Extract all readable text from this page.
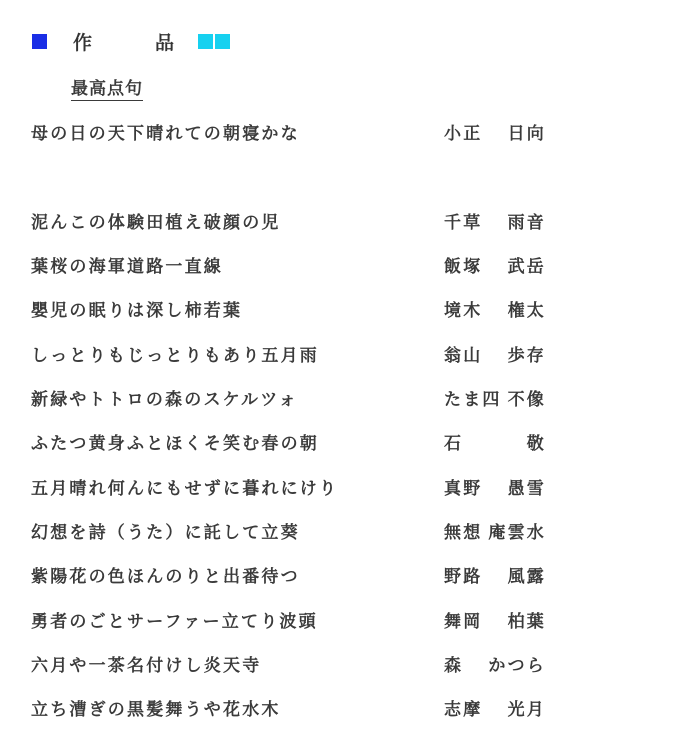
作　品
最高点句
母の日の天下晴れての朝寝かな	小正 日向
泥んこの体験田植え破顔の児	千草 雨音
葉桜の海軍道路一直線	飯塚 武岳
嬰児の眠りは深し柿若葉	境木 権太
しっとりもじっとりもあり五月雨	翁山 歩存
新緑やトトロの森のスケルツォ	たま四 不像
ふたつ黄身ふとほくそ笑む春の朝	石	敬
五月晴れ何んにもせずに暮れにけり	真野 愚雪
幻想を詩（うた）に託して立葵	無想 庵雲水
紫陽花の色ほんのりと出番待つ	野路 風露
勇者のごとサーファー立てり波頭	舞岡 柏葉
六月や一茶名付けし炎天寺	森 かつら
立ち漕ぎの黒髪舞うや花水木	志摩 光月
